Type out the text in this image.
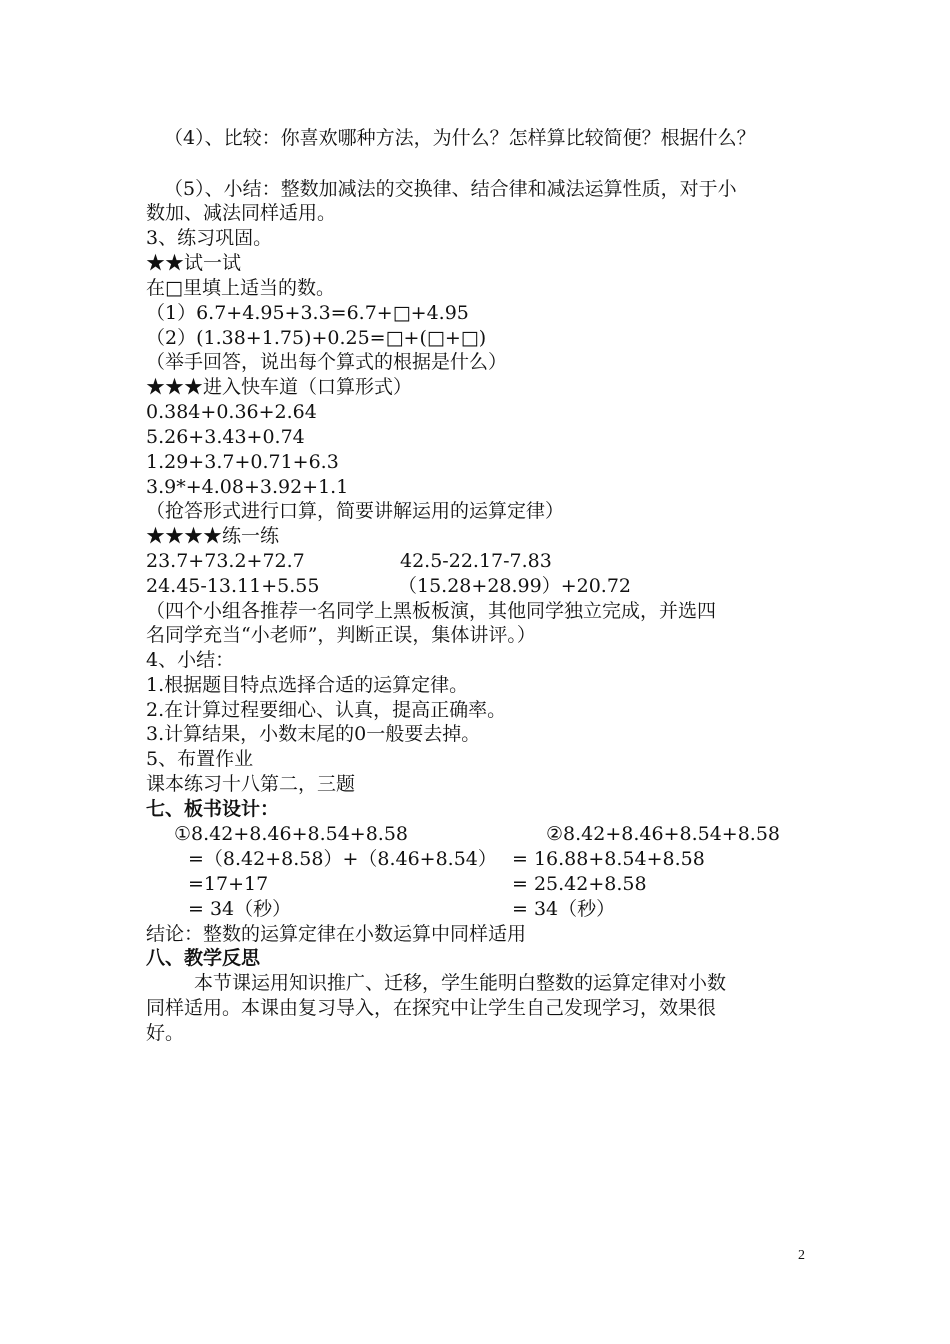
（4）、比较：你喜欢哪种方法，为什么？怎样算比较简便？根据什么？
（5）、小结：整数加减法的交换律、结合律和减法运算性质，对于小
数加、减法同样适用。
3、练习巩固。
★★试一试
在□里填上适当的数。
（1）6.7+4.95+3.3=6.7+□+4.95
（2）(1.38+1.75)+0.25=□+(□+□)
（举手回答，说出每个算式的根据是什么）
★★★进入快车道（口算形式）
0.384+0.36+2.64
5.26+3.43+0.74
1.29+3.7+0.71+6.3
3.9*+4.08+3.92+1.1
（抢答形式进行口算，简要讲解运用的运算定律）
★★★★练一练
23.7+73.2+72.7	42.5-22.17-7.83
24.45-13.11+5.55	（15.28+28.99）+20.72
（四个小组各推荐一名同学上黑板板演，其他同学独立完成，并选四
名同学充当“小老师”，判断正误，集体讲评。）
4、小结：
1.根据题目特点选择合适的运算定律。
2.在计算过程要细心、认真，提高正确率。
3.计算结果，小数末尾的0一般要去掉。
5、布置作业
课本练习十八第二，三题
七、板书设计：
①8.42+8.46+8.54+8.58	②8.42+8.46+8.54+8.58
=（8.42+8.58）+（8.46+8.54） = 16.88+8.54+8.58
=17+17	= 25.42+8.58
= 34（秒）	= 34（秒）
结论：整数的运算定律在小数运算中同样适用
八、教学反思
本节课运用知识推广、迁移，学生能明白整数的运算定律对小数
同样适用。本课由复习导入，在探究中让学生自己发现学习，效果很
好。
2
